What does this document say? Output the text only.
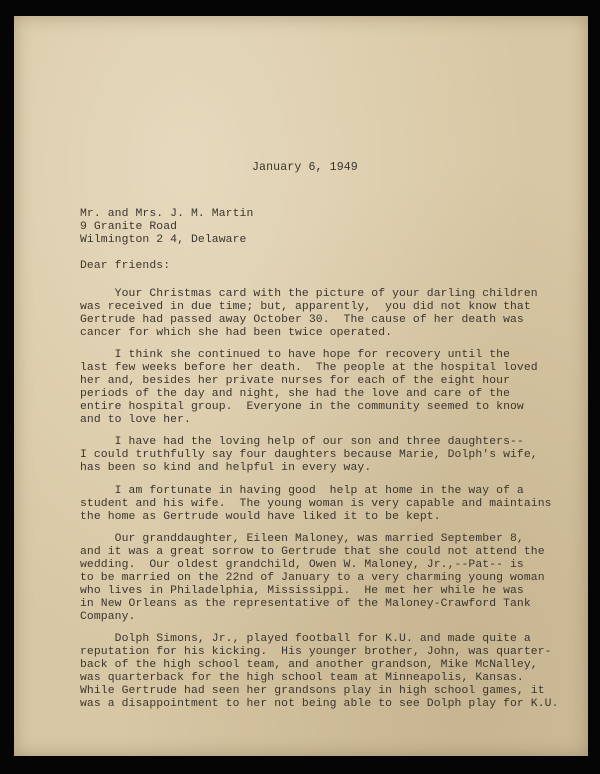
January 6, 1949

Mr. and Mrs. J. M. Martin

9 Granite Road

Wilmington 2 4, Delaware

Dear friends:

Your Christmas card with the picture of your darling children

was received in due time; but, apparently,  you did not know that

Gertrude had passed away October 30.  The cause of her death was

cancer for which she had been twice operated.

I think she continued to have hope for recovery until the

last few weeks before her death.  The people at the hospital loved

her and, besides her private nurses for each of the eight hour

periods of the day and night, she had the love and care of the

entire hospital group.  Everyone in the community seemed to know

and to love her.

I have had the loving help of our son and three daughters--

I could truthfully say four daughters because Marie, Dolph's wife,

has been so kind and helpful in every way.

I am fortunate in having good  help at home in the way of a

student and his wife.  The young woman is very capable and maintains

the home as Gertrude would have liked it to be kept.

Our granddaughter, Eileen Maloney, was married September 8,

and it was a great sorrow to Gertrude that she could not attend the

wedding.  Our oldest grandchild, Owen W. Maloney, Jr.,--Pat-- is

to be married on the 22nd of January to a very charming young woman

who lives in Philadelphia, Mississippi.  He met her while he was

in New Orleans as the representative of the Maloney-Crawford Tank

Company.

Dolph Simons, Jr., played football for K.U. and made quite a

reputation for his kicking.  His younger brother, John, was quarter-

back of the high school team, and another grandson, Mike McNalley,

was quarterback for the high school team at Minneapolis, Kansas.

While Gertrude had seen her grandsons play in high school games, it

was a disappointment to her not being able to see Dolph play for K.U.
